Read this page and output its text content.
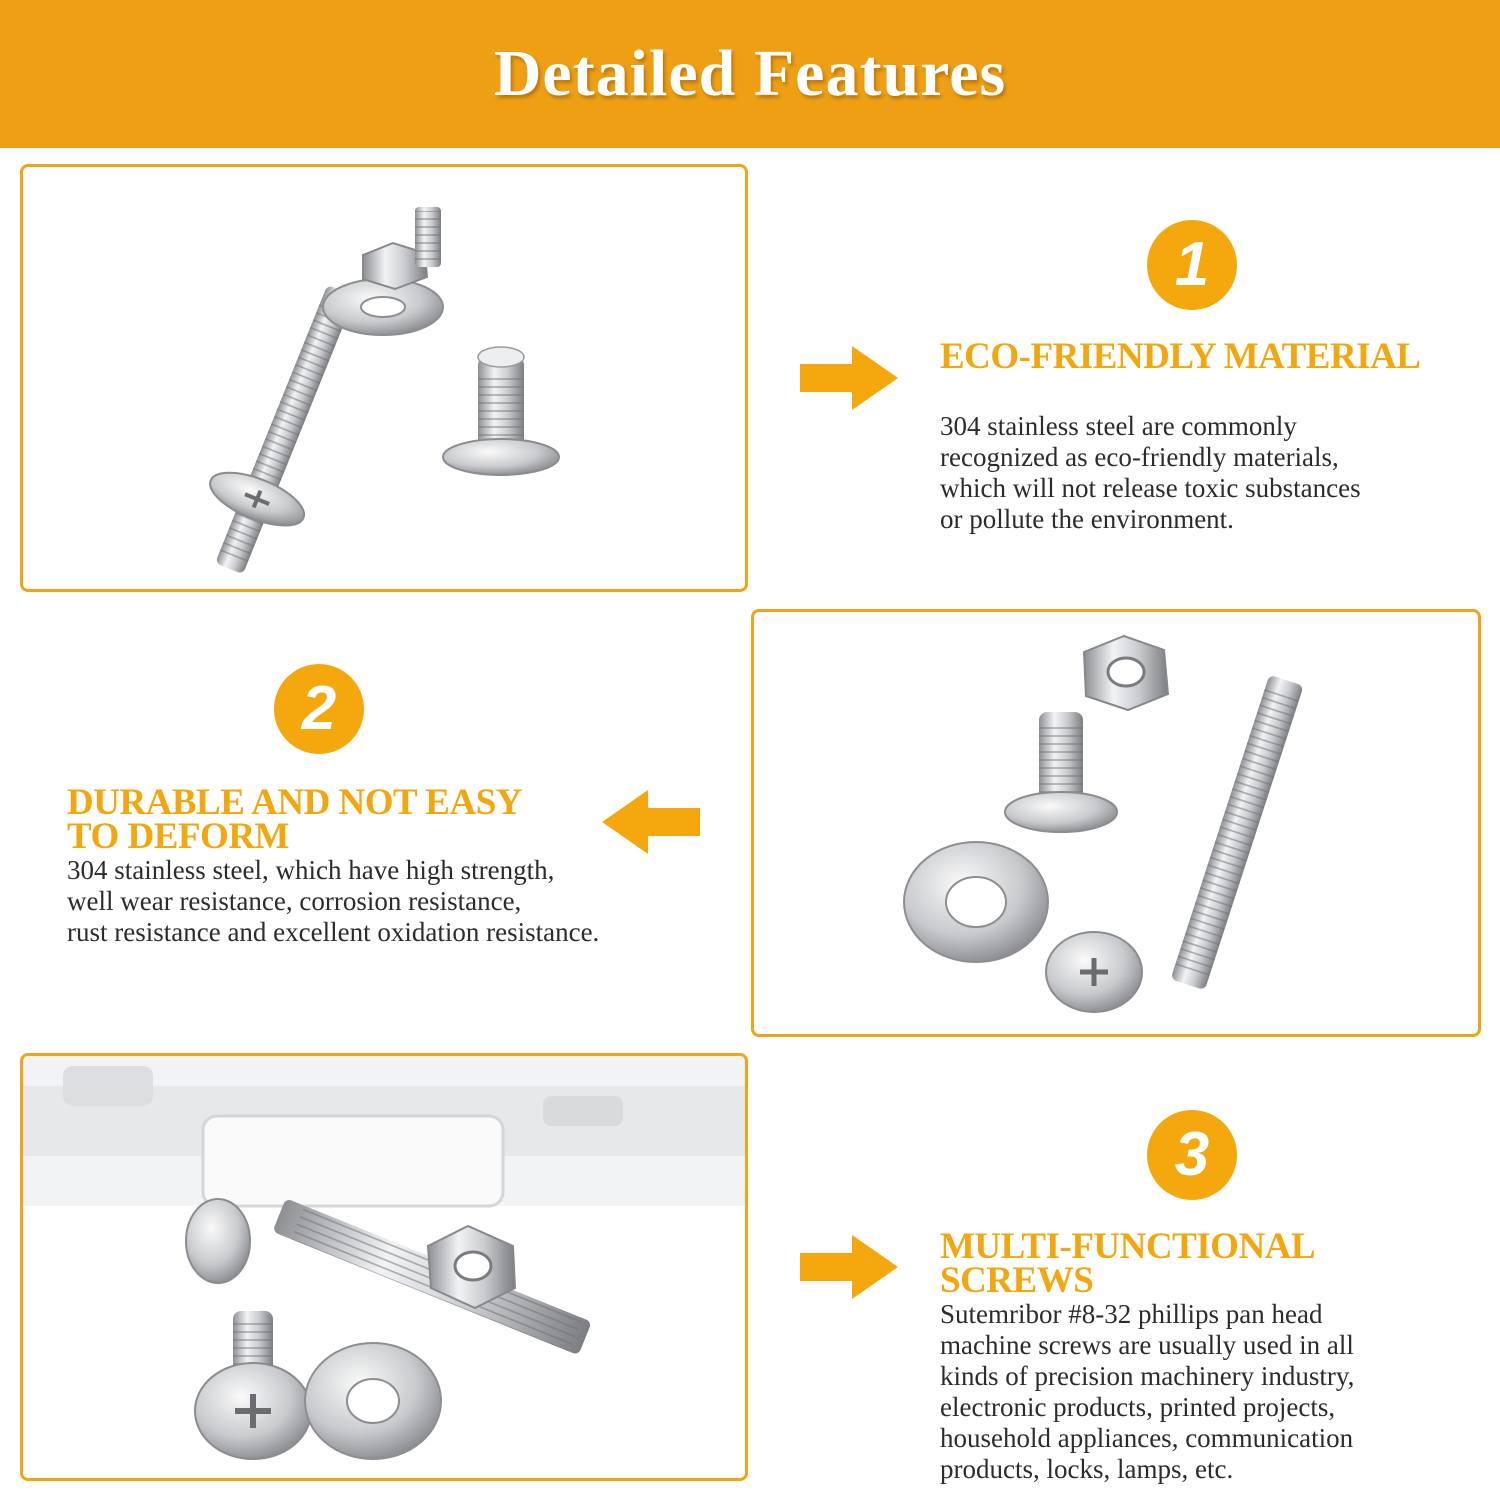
Detailed Features
1
ECO-FRIENDLY MATERIAL

304 stainless steel are commonly
recognized as eco-friendly materials,
which will not release toxic substances
or pollute the environment.

2
DURABLE AND NOT EASY
TO DEFORM

304 stainless steel, which have high strength,
well wear resistance, corrosion resistance,
rust resistance and excellent oxidation resistance.

3
MULTI-FUNCTIONAL
SCREWS

Sutemribor #8-32 phillips pan head
machine screws are usually used in all
kinds of precision machinery industry,
electronic products, printed projects,
household appliances, communication
products, locks, lamps, etc.
